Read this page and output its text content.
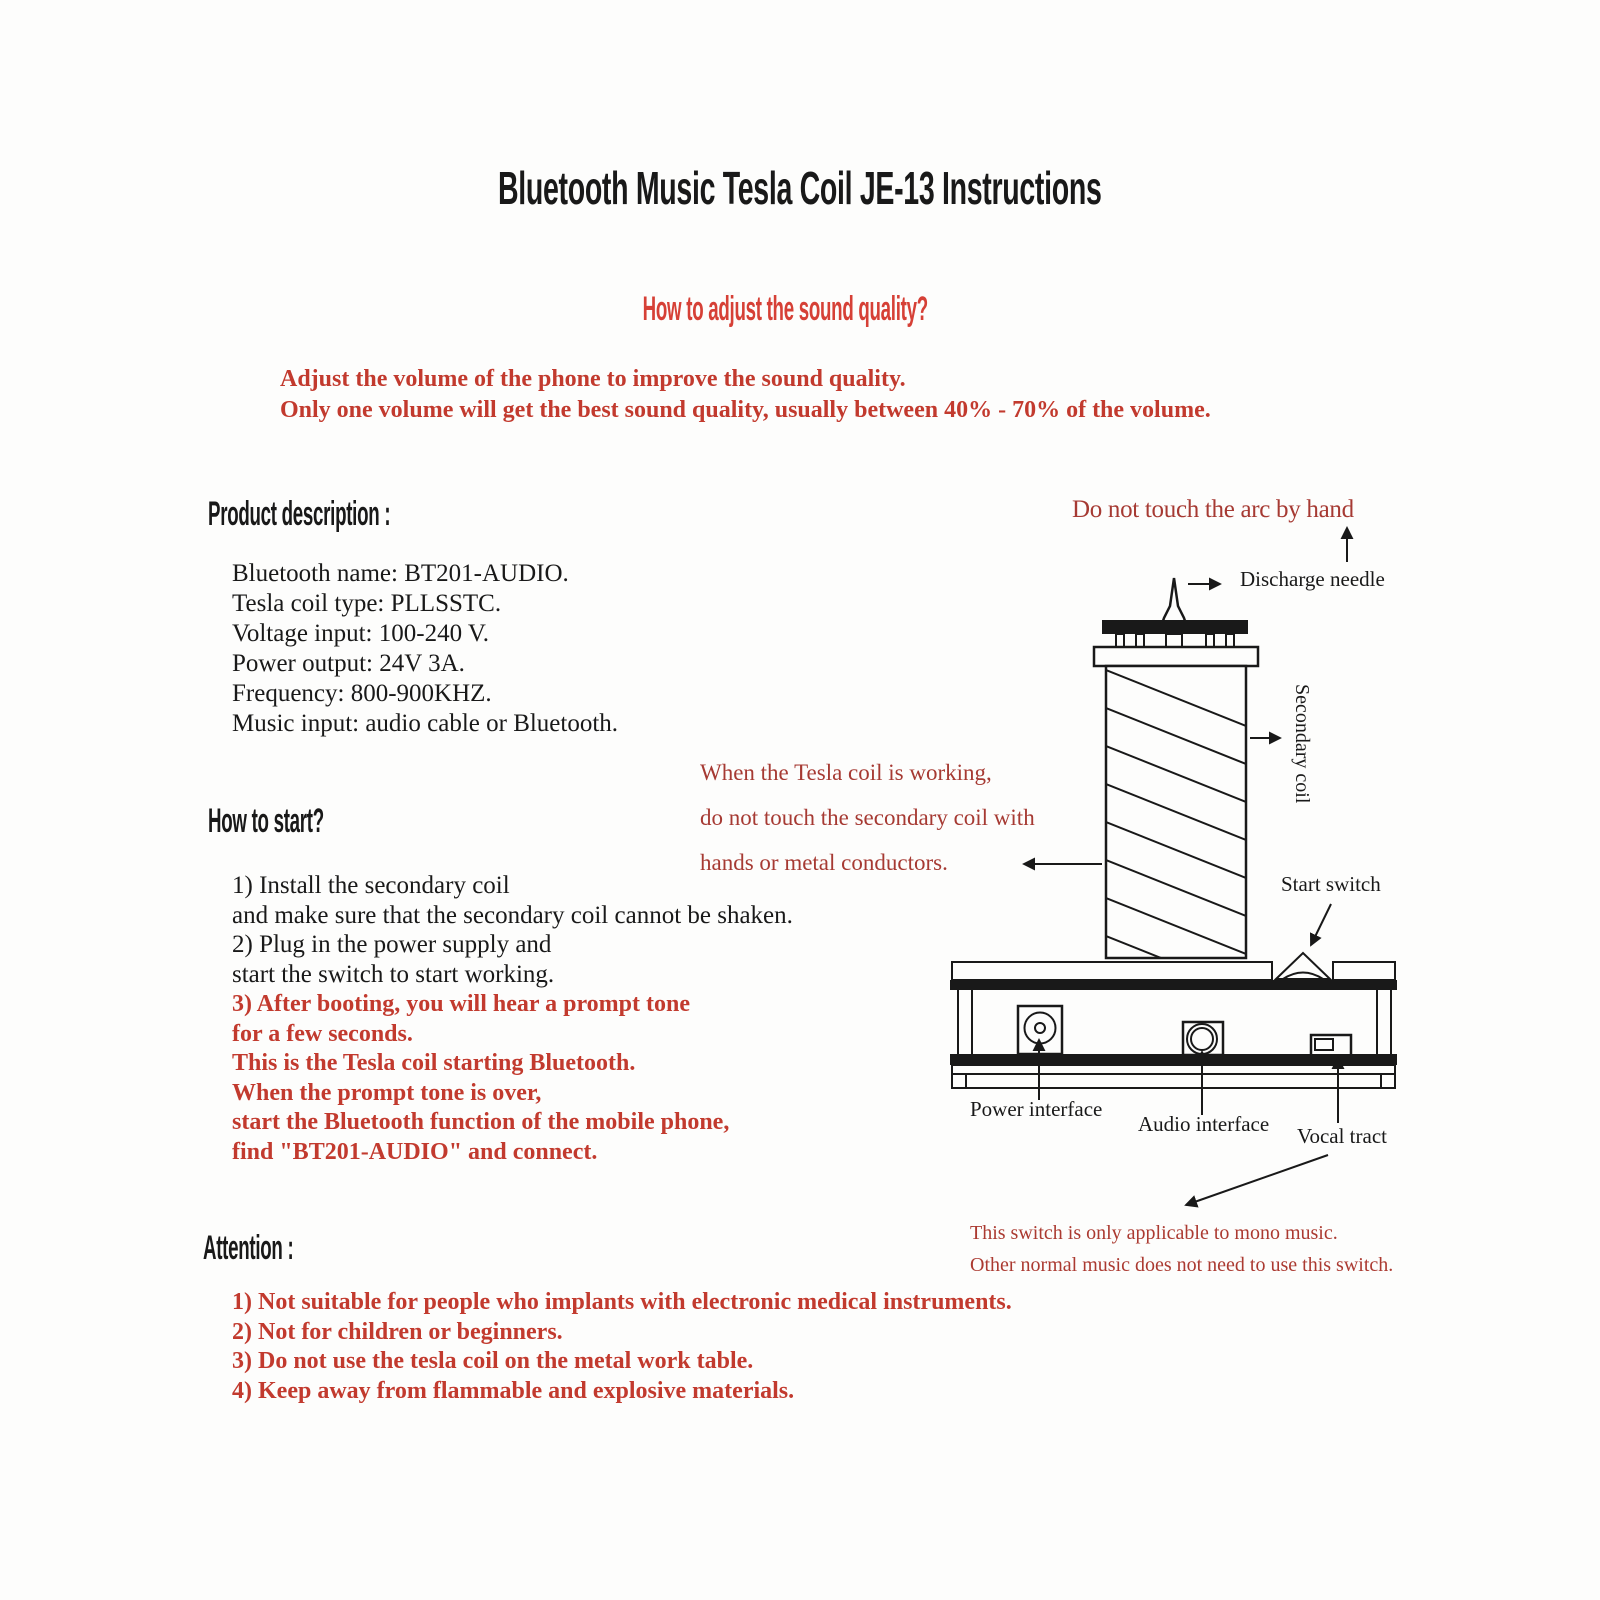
Bluetooth Music Tesla Coil JE-13 Instructions
How to adjust the sound quality?
Adjust the volume of the phone to improve the sound quality.
Only one volume will get the best sound quality, usually between 40% - 70% of the volume.
Product description :
Bluetooth name: BT201-AUDIO.
Tesla coil type: PLLSSTC.
Voltage input: 100-240 V.
Power output: 24V 3A.
Frequency: 800-900KHZ.
Music input: audio cable or Bluetooth.
How to start?
1) Install the secondary coil
and make sure that the secondary coil cannot be shaken.
2) Plug in the power supply and
start the switch to start working.
3) After booting, you will hear a prompt tone
for a few seconds.
This is the Tesla coil starting Bluetooth.
When the prompt tone is over,
start the Bluetooth function of the mobile phone,
find "BT201-AUDIO" and connect.
Attention :
1) Not suitable for people who implants with electronic medical instruments.
2) Not for children or beginners.
3) Do not use the tesla coil on the metal work table.
4) Keep away from flammable and explosive materials.
Do not touch the arc by hand
When the Tesla coil is working,
do not touch the secondary coil with
hands or metal conductors.
Discharge needle
Secondary coil
Start switch
Power interface
Audio interface Vocal tract
This switch is only applicable to mono music.
Other normal music does not need to use this switch.
